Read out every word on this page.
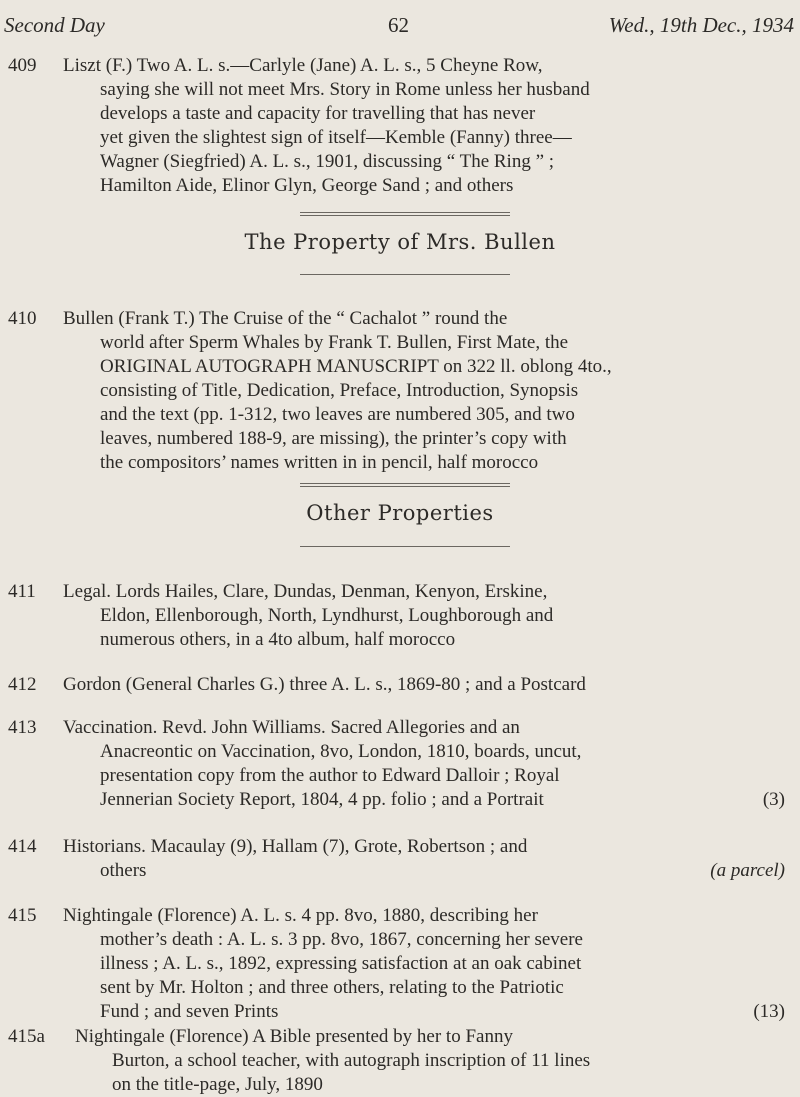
Second Day	62	Wed., 19th Dec., 1934
409 Liszt (F.) Two A. L. s.—Carlyle (Jane) A. L. s., 5 Cheyne Row,
saying she will not meet Mrs. Story in Rome unless her husband
develops a taste and capacity for travelling that has never
yet given the slightest sign of itself—Kemble (Fanny) three—
Wagner (Siegfried) A. L. s., 1901, discussing “ The Ring ” ;
Hamilton Aide, Elinor Glyn, George Sand ; and others
The Property of Mrs. Bullen
410 Bullen (Frank T.) The Cruise of the “ Cachalot ” round the
world after Sperm Whales by Frank T. Bullen, First Mate, the
ORIGINAL AUTOGRAPH MANUSCRIPT on 322 ll. oblong 4to.,
consisting of Title, Dedication, Preface, Introduction, Synopsis
and the text (pp. 1-312, two leaves are numbered 305, and two
leaves, numbered 188-9, are missing), the printer’s copy with
the compositors’ names written in in pencil, half morocco
Other Properties
411 Legal. Lords Hailes, Clare, Dundas, Denman, Kenyon, Erskine,
Eldon, Ellenborough, North, Lyndhurst, Loughborough and
numerous others, in a 4to album, half morocco
412 Gordon (General Charles G.) three A. L. s., 1869-80 ; and a Postcard
413 Vaccination. Revd. John Williams. Sacred Allegories and an
Anacreontic on Vaccination, 8vo, London, 1810, boards, uncut,
presentation copy from the author to Edward Dalloir ; Royal
Jennerian Society Report, 1804, 4 pp. folio ; and a Portrait	(3)
414 Historians. Macaulay (9), Hallam (7), Grote, Robertson ; and
others	(a parcel)
415 Nightingale (Florence) A. L. s. 4 pp. 8vo, 1880, describing her
mother’s death : A. L. s. 3 pp. 8vo, 1867, concerning her severe
illness ; A. L. s., 1892, expressing satisfaction at an oak cabinet
sent by Mr. Holton ; and three others, relating to the Patriotic
Fund ; and seven Prints	(13)
415a	Nightingale (Florence) A Bible presented by her to Fanny
Burton, a school teacher, with autograph inscription of 11 lines
on the title-page, July, 1890
